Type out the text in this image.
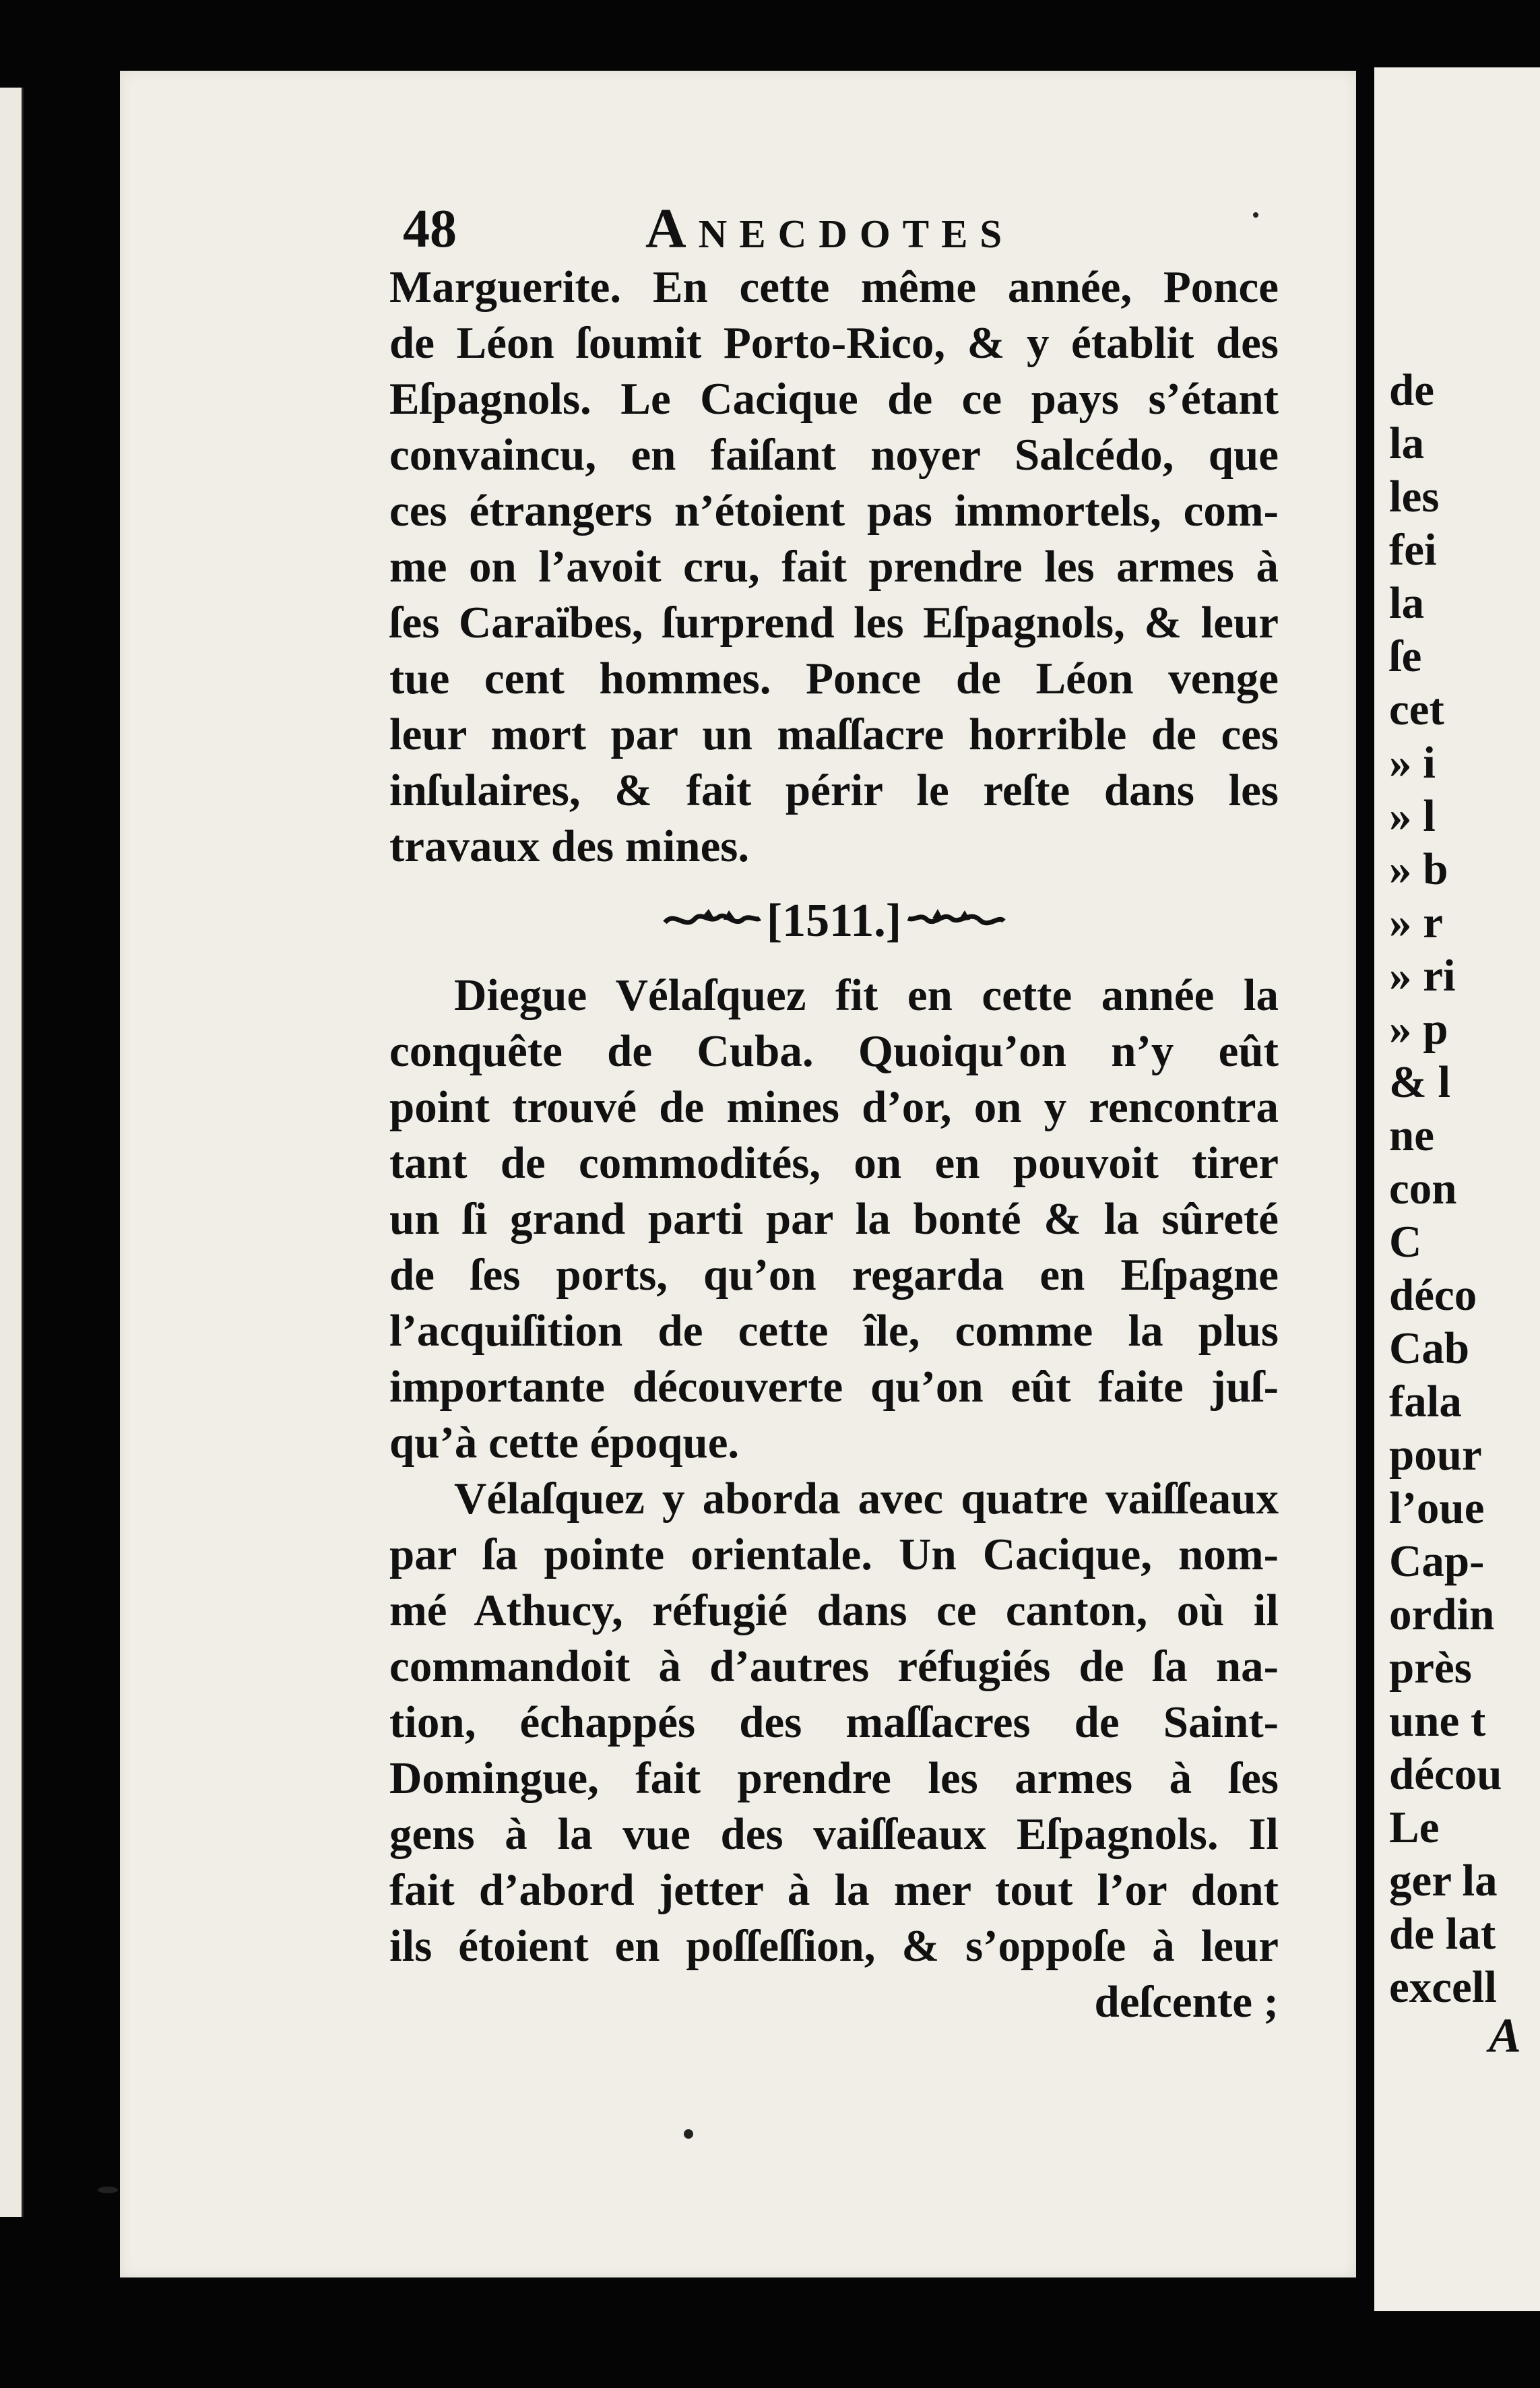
48	Anecdotes
Marguerite. En cette même année, Ponce
de Léon ſoumit Porto-Rico, & y établit des
Eſpagnols. Le Cacique de ce pays s’étant
convaincu, en faiſant noyer Salcédo, que
ces étrangers n’étoient pas immortels, com-
me on l’avoit cru, fait prendre les armes à
ſes Caraïbes, ſurprend les Eſpagnols, & leur
tue cent hommes. Ponce de Léon venge
leur mort par un maſſacre horrible de ces
inſulaires, & fait périr le reſte dans les
travaux des mines.
[1511.]
Diegue Vélaſquez fit en cette année la
conquête de Cuba. Quoiqu’on n’y eût
point trouvé de mines d’or, on y rencontra
tant de commodités, on en pouvoit tirer
un ſi grand parti par la bonté & la sûreté
de ſes ports, qu’on regarda en Eſpagne
l’acquiſition de cette île, comme la plus
importante découverte qu’on eût faite juſ-
qu’à cette époque.
Vélaſquez y aborda avec quatre vaiſſeaux
par ſa pointe orientale. Un Cacique, nom-
mé Athucy, réfugié dans ce canton, où il
commandoit à d’autres réfugiés de ſa na-
tion, échappés des maſſacres de Saint-
Domingue, fait prendre les armes à ſes
gens à la vue des vaiſſeaux Eſpagnols. Il
fait d’abord jetter à la mer tout l’or dont
ils étoient en poſſeſſion, & s’oppoſe à leur
deſcente ;
de
la
les
fei
la
ſe
cet
» i
» l
» b
» r
» ri
» p
& l
ne
con
C
déco
Cab
fala
pour
l’oue
Cap-
ordin
près
une t
décou
Le
ger la
de lat
excell
A
